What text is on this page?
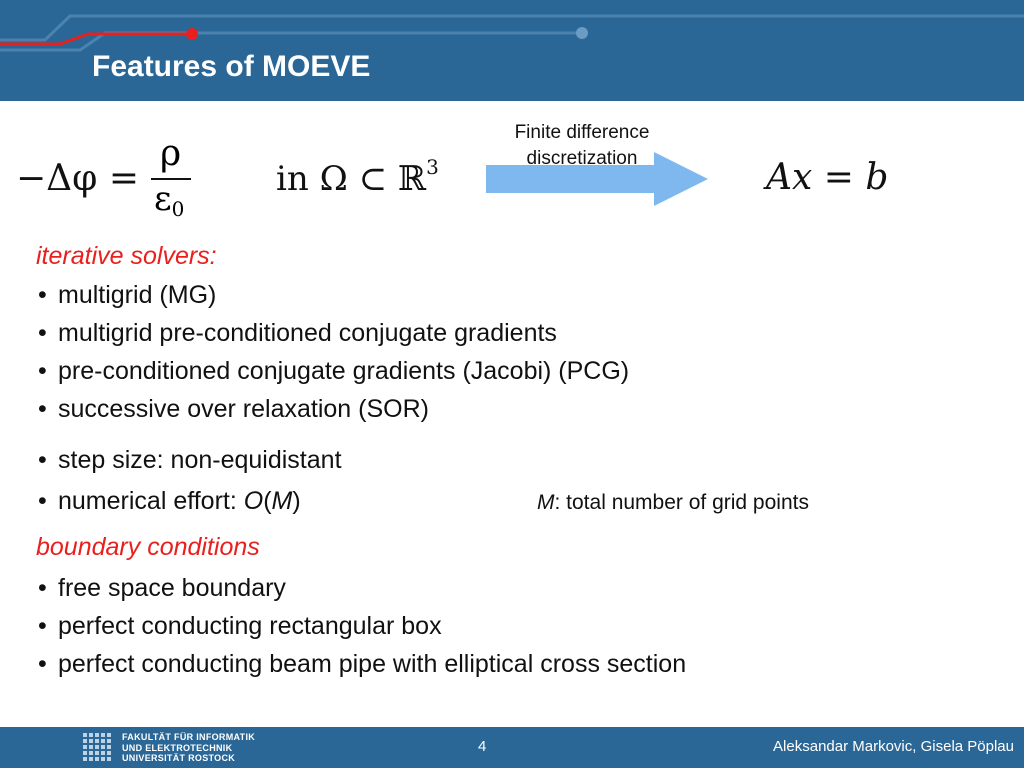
Features of MOEVE
−Δφ =
ρ
$\varepsilon_0$
in Ω ⊂ ℝ$^3$
Finite difference
discretization	Ax = b
iterative solvers:
• multigrid (MG)
• multigrid pre-conditioned conjugate gradients
• pre-conditioned conjugate gradients (Jacobi) (PCG)
• successive over relaxation (SOR)
• step size: non-equidistant
• numerical effort: O(M)	M: total number of grid points
boundary conditions
• free space boundary
• perfect conducting rectangular box
• perfect conducting beam pipe with elliptical cross section
FAKULTÄT FÜR INFORMATIK
UND ELEKTROTECHNIK
UNIVERSITÄT ROSTOCK
4	Aleksandar Markovic, Gisela Pöplau
